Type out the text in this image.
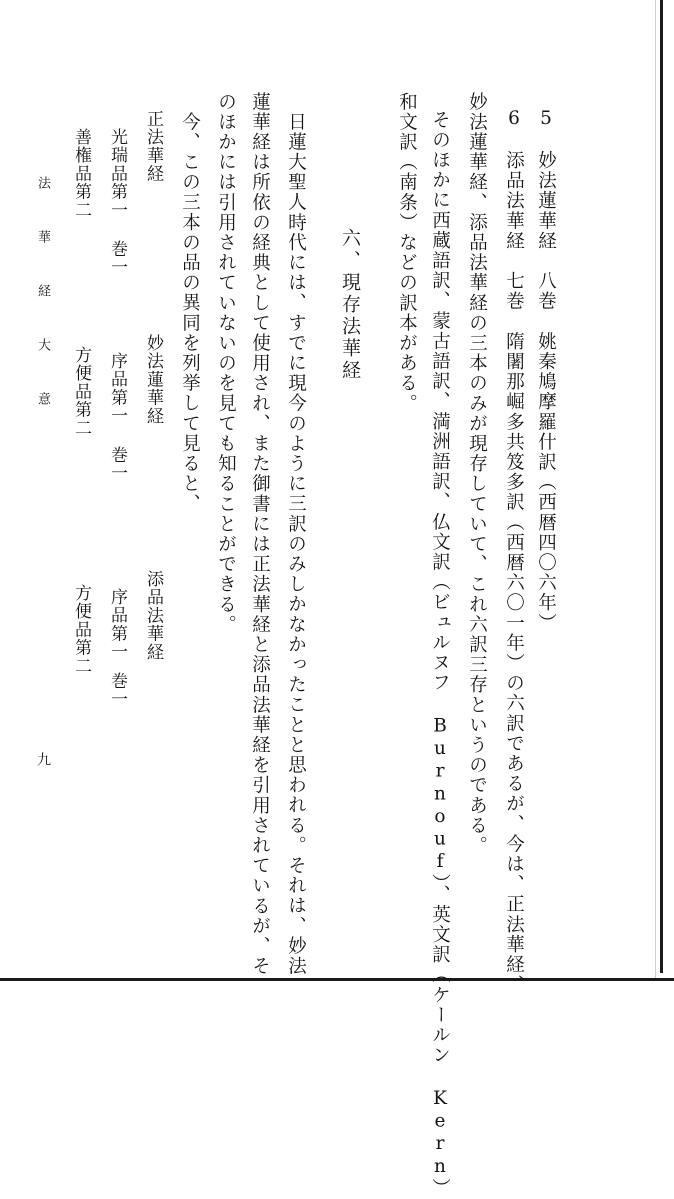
5　妙法蓮華経　八巻　姚秦鳩摩羅什訳（西暦四〇六年）
6　添品法華経　七巻　隋闍那崛多共笈多訳（西暦六〇一年）の六訳であるが、今は、正法華経、
妙法蓮華経、添品法華経の三本のみが現存していて、これ六訳三存というのである。
そのほかに西蔵語訳、蒙古語訳、満洲語訳、仏文訳（ビュルヌフ Burnouf）、英文訳（ケールン Kern）
和文訳（南条）などの訳本がある。
六、現存法華経
日蓮大聖人時代には、すでに現今のように三訳のみしかなかったことと思われる。それは、妙法
蓮華経は所依の経典として使用され、また御書には正法華経と添品法華経を引用されているが、そ
のほかには引用されていないのを見ても知ることができる。
今、この三本の品の異同を列挙して見ると、
正法華経
光瑞品第一
巻一
善権品第二
妙法蓮華経
序品第一
巻一
方便品第二
添品法華経
序品第一
巻一
方便品第二
法 華 経 大 意
九
